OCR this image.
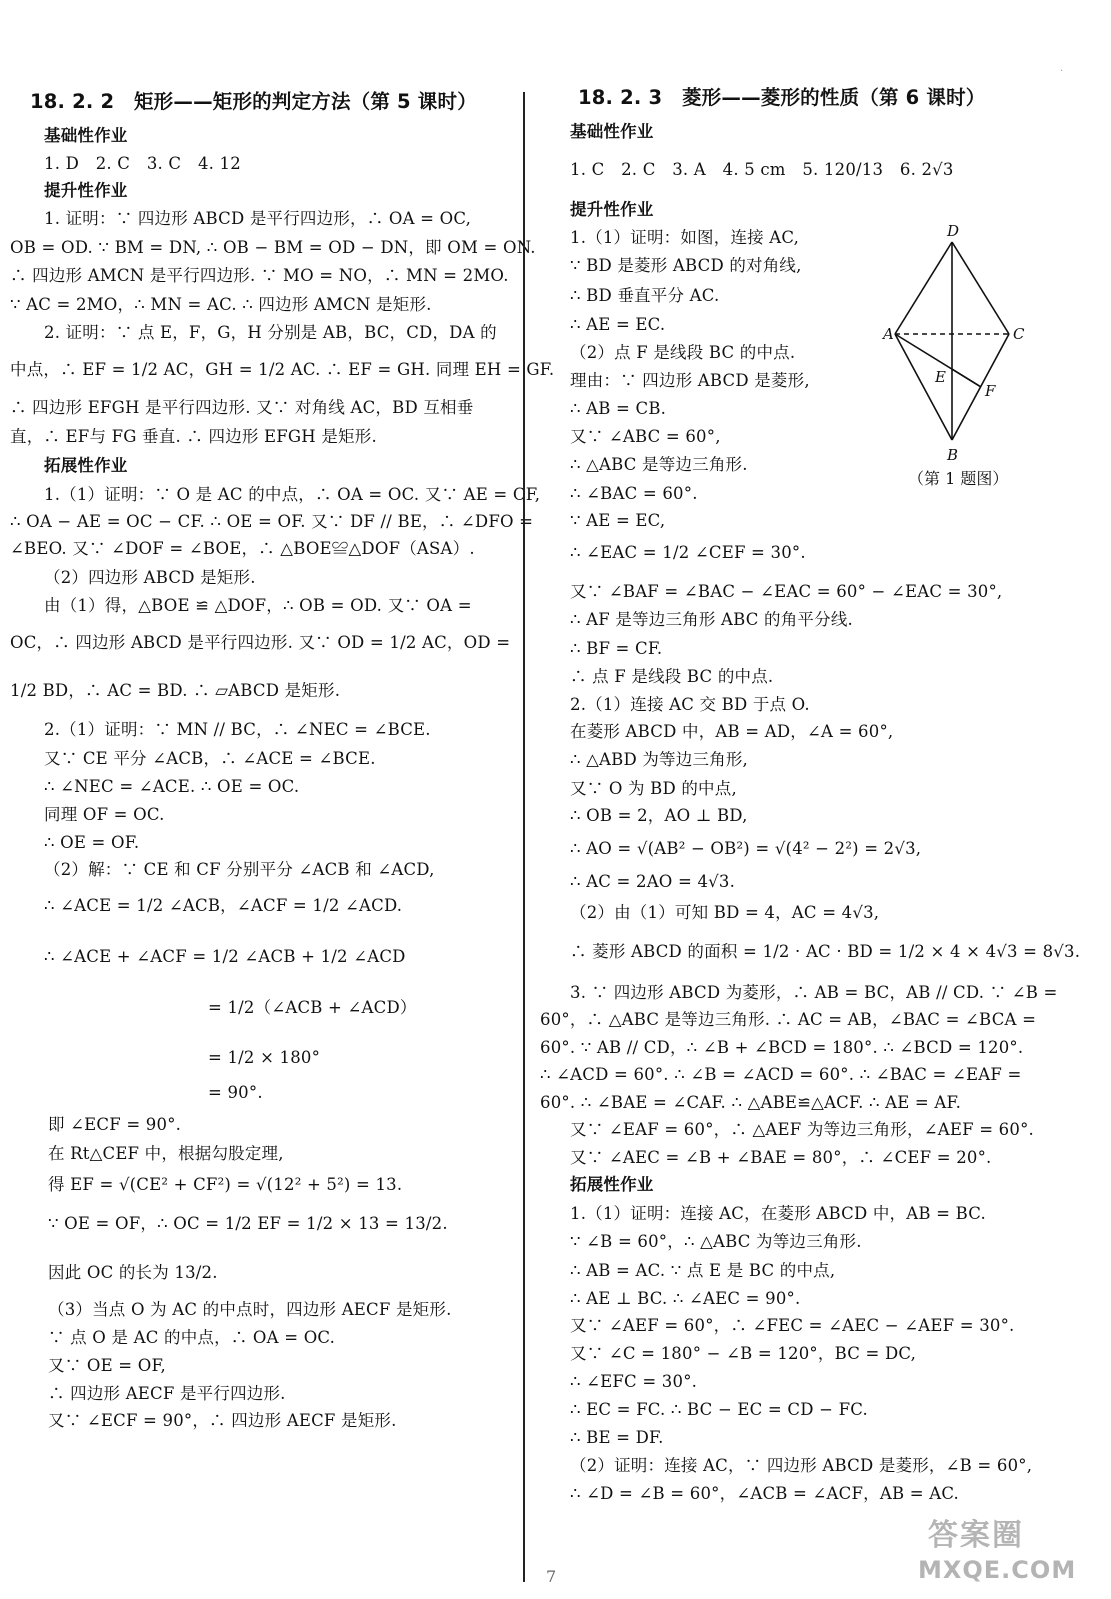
18. 2. 2　矩形——矩形的判定方法（第 5 课时）
基础性作业
1. D　2. C　3. C　4. 12
提升性作业
1. 证明：∵ 四边形 ABCD 是平行四边形，∴ OA = OC,
OB = OD. ∵ BM = DN, ∴ OB − BM = OD − DN，即 OM = ON.
∴ 四边形 AMCN 是平行四边形. ∵ MO = NO，∴ MN = 2MO.
∵ AC = 2MO，∴ MN = AC. ∴ 四边形 AMCN 是矩形.
2. 证明：∵ 点 E，F，G，H 分别是 AB，BC，CD，DA 的
中点，∴ EF = 1/2 AC，GH = 1/2 AC. ∴ EF = GH. 同理 EH = GF.
∴ 四边形 EFGH 是平行四边形. 又∵ 对角线 AC，BD 互相垂
直，∴ EF与 FG 垂直. ∴ 四边形 EFGH 是矩形.
拓展性作业
1.（1）证明：∵ O 是 AC 的中点，∴ OA = OC. 又∵ AE = CF,
∴ OA − AE = OC − CF. ∴ OE = OF. 又∵ DF // BE，∴ ∠DFO =
∠BEO. 又∵ ∠DOF = ∠BOE，∴ △BOE≌△DOF（ASA）.
（2）四边形 ABCD 是矩形.
由（1）得，△BOE ≌ △DOF，∴ OB = OD. 又∵ OA =
OC，∴ 四边形 ABCD 是平行四边形. 又∵ OD = 1/2 AC，OD =
1/2 BD，∴ AC = BD. ∴ ▱ABCD 是矩形.
2.（1）证明：∵ MN // BC，∴ ∠NEC = ∠BCE.
又∵ CE 平分 ∠ACB，∴ ∠ACE = ∠BCE.
∴ ∠NEC = ∠ACE. ∴ OE = OC.
同理 OF = OC.
∴ OE = OF.
（2）解：∵ CE 和 CF 分别平分 ∠ACB 和 ∠ACD,
∴ ∠ACE = 1/2 ∠ACB，∠ACF = 1/2 ∠ACD.
∴ ∠ACE + ∠ACF = 1/2 ∠ACB + 1/2 ∠ACD
= 1/2（∠ACB + ∠ACD）
= 1/2 × 180°
= 90°.
即 ∠ECF = 90°.
在 Rt△CEF 中，根据勾股定理,
得 EF = √(CE² + CF²) = √(12² + 5²) = 13.
∵ OE = OF，∴ OC = 1/2 EF = 1/2 × 13 = 13/2.
因此 OC 的长为 13/2.
（3）当点 O 为 AC 的中点时，四边形 AECF 是矩形.
∵ 点 O 是 AC 的中点，∴ OA = OC.
又∵ OE = OF,
∴ 四边形 AECF 是平行四边形.
又∵ ∠ECF = 90°，∴ 四边形 AECF 是矩形.
18. 2. 3　菱形——菱形的性质（第 6 课时）
基础性作业
1. C　2. C　3. A　4. 5 cm　5. 120/13　6. 2√3
提升性作业
1.（1）证明：如图，连接 AC,
∵ BD 是菱形 ABCD 的对角线,
∴ BD 垂直平分 AC.
∴ AE = EC.
（2）点 F 是线段 BC 的中点.
理由：∵ 四边形 ABCD 是菱形,
∴ AB = CB.
又∵ ∠ABC = 60°,
∴ △ABC 是等边三角形.
∴ ∠BAC = 60°.
∵ AE = EC,
∴ ∠EAC = 1/2 ∠CEF = 30°.
又∵ ∠BAF = ∠BAC − ∠EAC = 60° − ∠EAC = 30°,
∴ AF 是等边三角形 ABC 的角平分线.
∴ BF = CF.
∴ 点 F 是线段 BC 的中点.
2.（1）连接 AC 交 BD 于点 O.
在菱形 ABCD 中，AB = AD，∠A = 60°,
∴ △ABD 为等边三角形,
又∵ O 为 BD 的中点,
∴ OB = 2，AO ⊥ BD,
∴ AO = √(AB² − OB²) = √(4² − 2²) = 2√3,
∴ AC = 2AO = 4√3.
（2）由（1）可知 BD = 4，AC = 4√3,
∴ 菱形 ABCD 的面积 = 1/2 · AC · BD = 1/2 × 4 × 4√3 = 8√3.
3. ∵ 四边形 ABCD 为菱形，∴ AB = BC，AB // CD. ∵ ∠B =
60°，∴ △ABC 是等边三角形. ∴ AC = AB，∠BAC = ∠BCA =
60°. ∵ AB // CD，∴ ∠B + ∠BCD = 180°. ∴ ∠BCD = 120°.
∴ ∠ACD = 60°. ∴ ∠B = ∠ACD = 60°. ∴ ∠BAC = ∠EAF =
60°. ∴ ∠BAE = ∠CAF. ∴ △ABE≌△ACF. ∴ AE = AF.
又∵ ∠EAF = 60°，∴ △AEF 为等边三角形，∠AEF = 60°.
又∵ ∠AEC = ∠B + ∠BAE = 80°，∴ ∠CEF = 20°.
拓展性作业
1.（1）证明：连接 AC，在菱形 ABCD 中，AB = BC.
∵ ∠B = 60°，∴ △ABC 为等边三角形.
∴ AB = AC. ∵ 点 E 是 BC 的中点,
∴ AE ⊥ BC. ∴ ∠AEC = 90°.
又∵ ∠AEF = 60°，∴ ∠FEC = ∠AEC − ∠AEF = 30°.
又∵ ∠C = 180° − ∠B = 120°，BC = DC,
∴ ∠EFC = 30°.
∴ EC = FC. ∴ BC − EC = CD − FC.
∴ BE = DF.
（2）证明：连接 AC，∵ 四边形 ABCD 是菱形，∠B = 60°,
∴ ∠D = ∠B = 60°，∠ACB = ∠ACF，AB = AC.
D
A	C
B
E
F
（第 1 题图）
7
·
答案圈
MXQE.COM
